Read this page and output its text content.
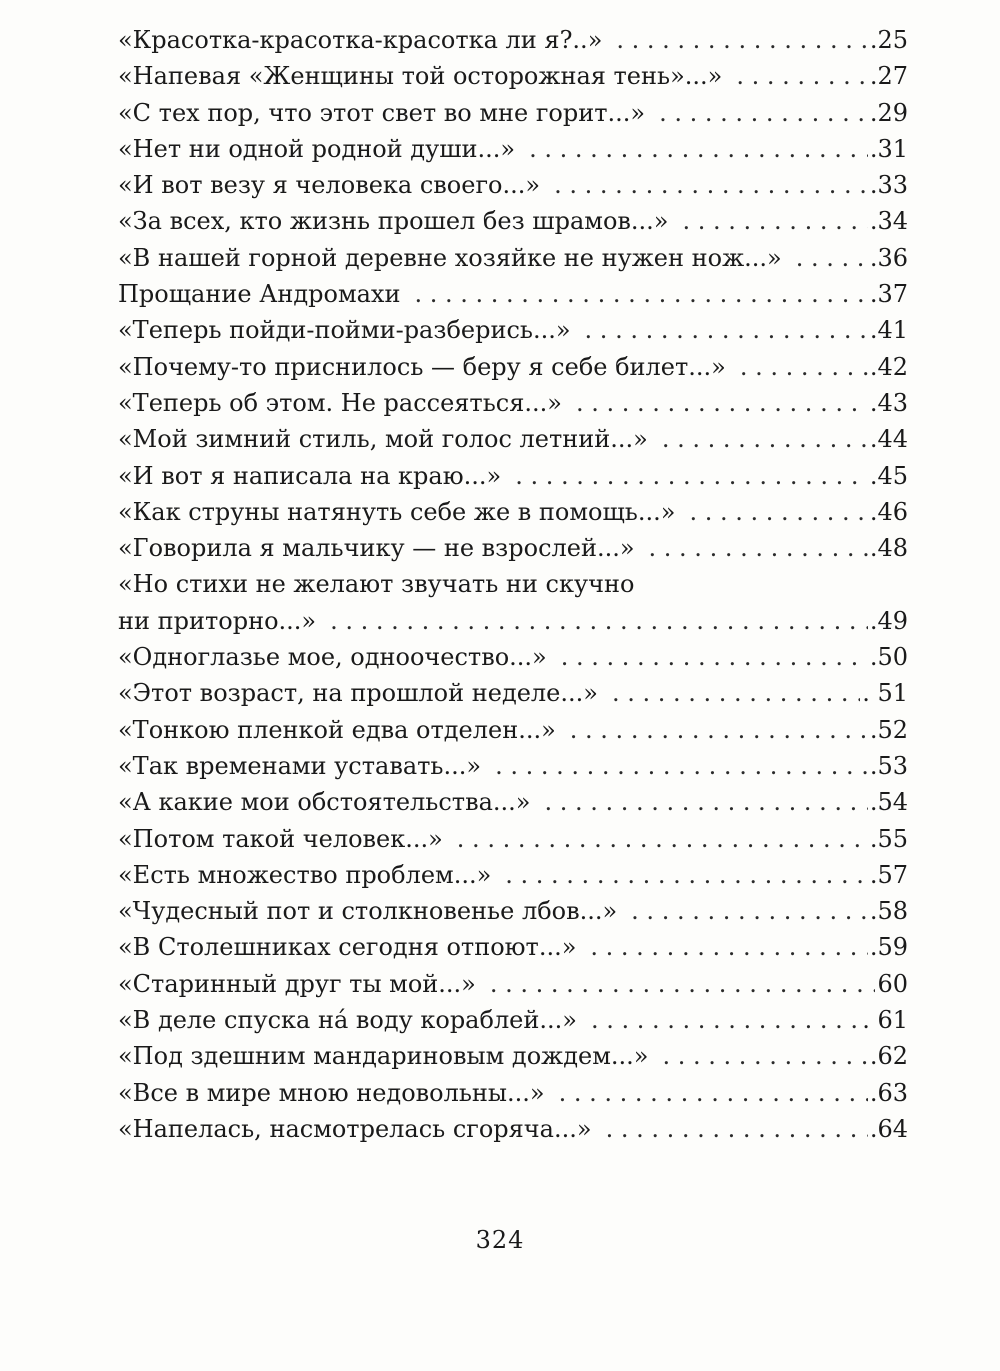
«Красотка-красотка-красотка ли я?..» . . .	.25
«Напевая «Женщины той осторожная тень»...» . . .	.27
«С тех пор, что этот свет во мне горит...» . . .	.29
«Нет ни одной родной души...» . . .	.31
«И вот везу я человека своего...» . . .	.33
«За всех, кто жизнь прошел без шрамов...» . . .	.34
«В нашей горной деревне хозяйке не нужен нож...» . . .	.36
Прощание Андромахи . . .	.37
«Теперь пойди-пойми-разберись...» . . .	.41
«Почему-то приснилось — беру я себе билет...» . . .	.42
«Теперь об этом. Не рассеяться...» . . .	.43
«Мой зимний стиль, мой голос летний...» . . .	.44
«И вот я написала на краю...» . . .	.45
«Как струны натянуть себе же в помощь...» . . .	.46
«Говорила я мальчику — не взрослей...» . . .	.48
«Но стихи не желают звучать ни скучно
ни приторно...» . . .	.49
«Одноглазье мое, одноочество...» . . .	.50
«Этот возраст, на прошлой неделе...» . . .	. 51
«Тонкою пленкой едва отделен...» . . .	.52
«Так временами уставать...» . . .	.53
«А какие мои обстоятельства...» . . .	.54
«Потом такой человек...» . . .	.55
«Есть множество проблем...» . . .	.57
«Чудесный пот и столкновенье лбов...» . . .	.58
«В Столешниках сегодня отпоют...» . . .	.59
«Старинный друг ты мой...» . . .	60
«В деле спуска нá воду кораблей...» . . .	. 61
«Под здешним мандариновым дождем...» . . .	.62
«Все в мире мною недовольны...» . . .	.63
«Напелась, насмотрелась сгоряча...» . . .	.64
324
